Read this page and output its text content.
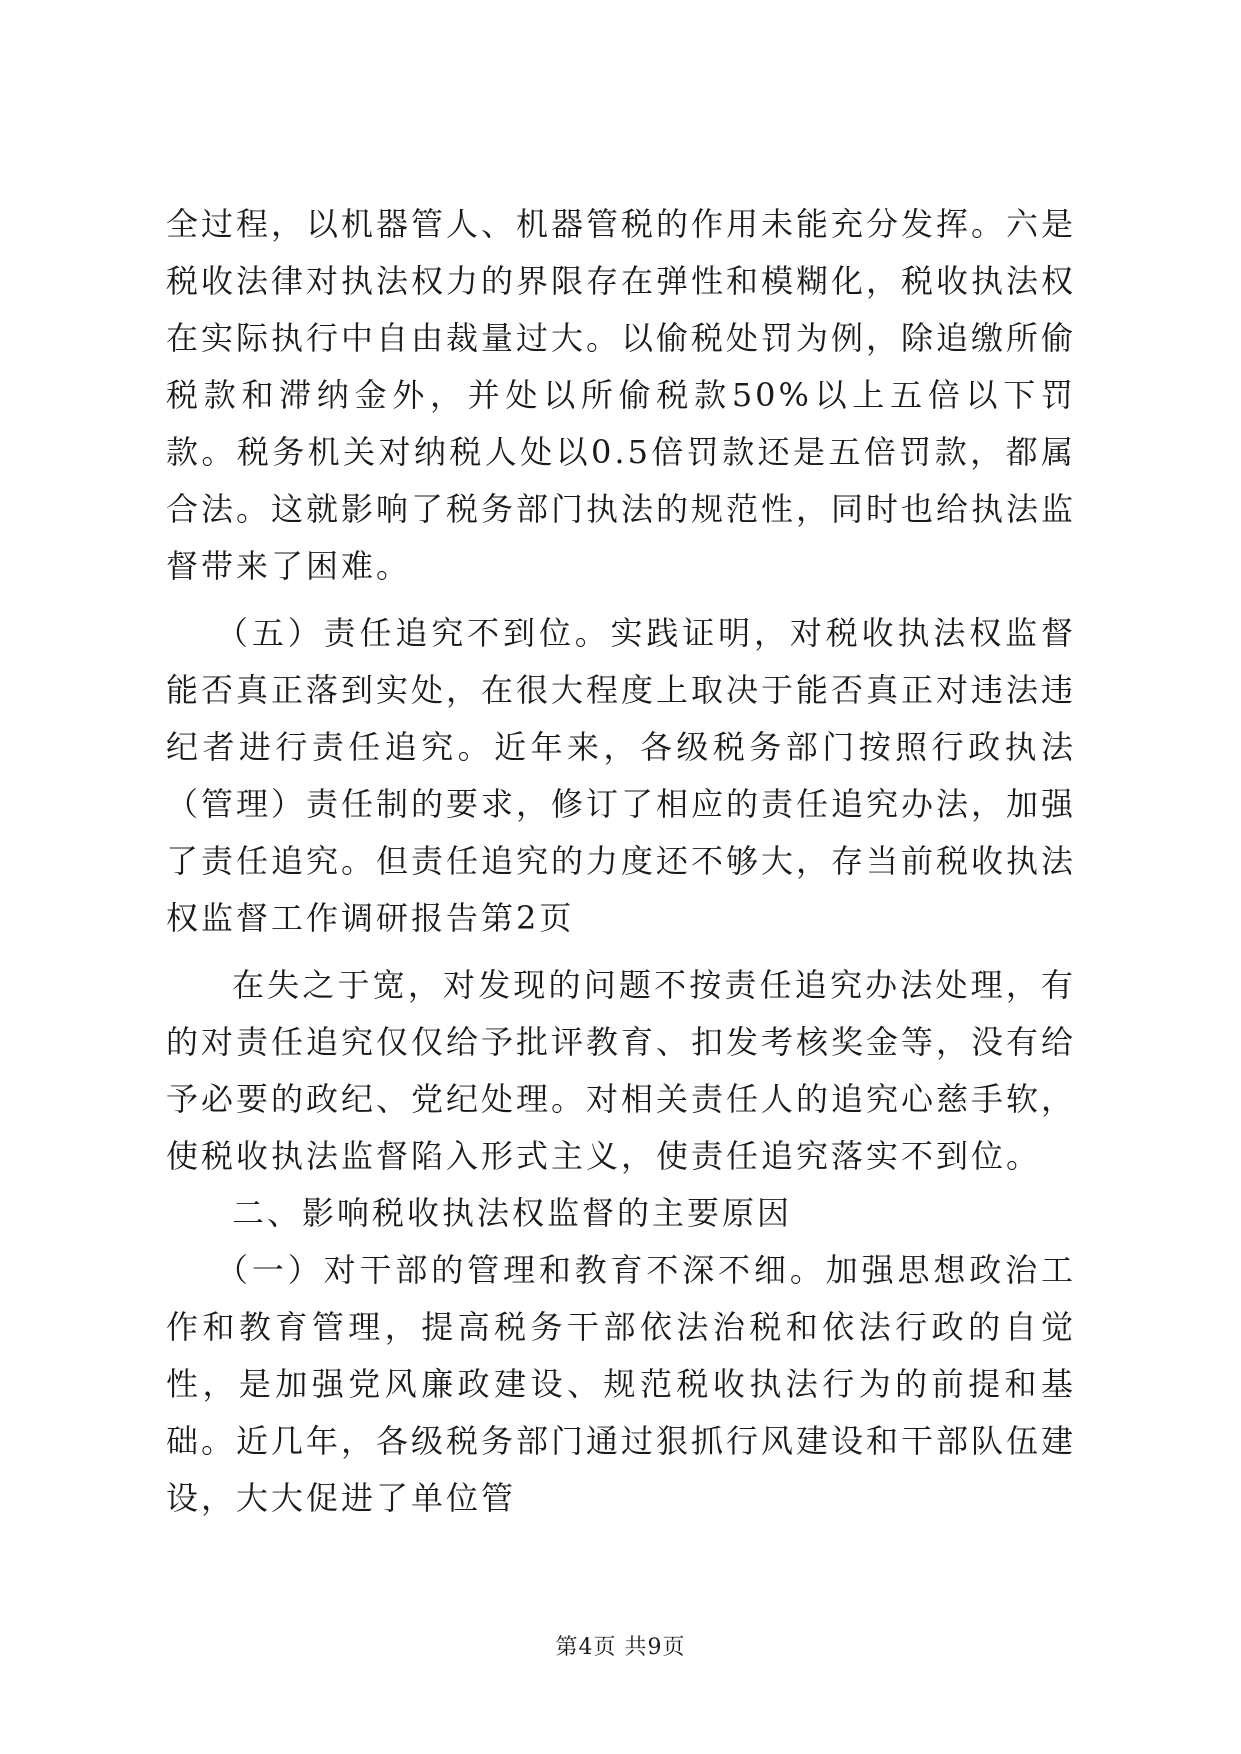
全过程，以机器管人、机器管税的作用未能充分发挥。六是税收法律对执法权力的界限存在弹性和模糊化，税收执法权在实际执行中自由裁量过大。以偷税处罚为例，除追缴所偷税款和滞纳金外，并处以所偷税款50%以上五倍以下罚款。税务机关对纳税人处以0.5倍罚款还是五倍罚款，都属合法。这就影响了税务部门执法的规范性，同时也给执法监督带来了困难。

（五）责任追究不到位。实践证明，对税收执法权监督能否真正落到实处，在很大程度上取决于能否真正对违法违纪者进行责任追究。近年来，各级税务部门按照行政执法（管理）责任制的要求，修订了相应的责任追究办法，加强了责任追究。但责任追究的力度还不够大，存当前税收执法权监督工作调研报告第2页

在失之于宽，对发现的问题不按责任追究办法处理，有的对责任追究仅仅给予批评教育、扣发考核奖金等，没有给予必要的政纪、党纪处理。对相关责任人的追究心慈手软，使税收执法监督陷入形式主义，使责任追究落实不到位。

二、影响税收执法权监督的主要原因

（一）对干部的管理和教育不深不细。加强思想政治工作和教育管理，提高税务干部依法治税和依法行政的自觉性，是加强党风廉政建设、规范税收执法行为的前提和基础。近几年，各级税务部门通过狠抓行风建设和干部队伍建设，大大促进了单位管

第4页 共9页
